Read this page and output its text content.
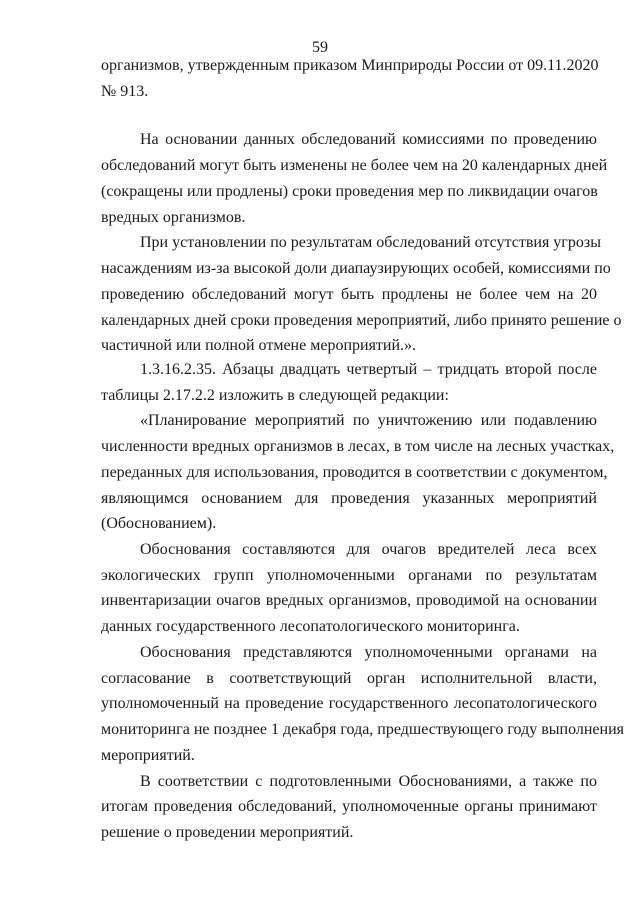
59
организмов, утвержденным приказом Минприроды России от 09.11.2020
№ 913.
На основании данных обследований комиссиями по проведению
обследований могут быть изменены не более чем на 20 календарных дней
(сокращены или продлены) сроки проведения мер по ликвидации очагов
вредных организмов.
При установлении по результатам обследований отсутствия угрозы
насаждениям из-за высокой доли диапаузирующих особей, комиссиями по
проведению обследований могут быть продлены не более чем на 20
календарных дней сроки проведения мероприятий, либо принято решение о
частичной или полной отмене мероприятий.».
1.3.16.2.35. Абзацы двадцать четвертый – тридцать второй после
таблицы 2.17.2.2 изложить в следующей редакции:
«Планирование мероприятий по уничтожению или подавлению
численности вредных организмов в лесах, в том числе на лесных участках,
переданных для использования, проводится в соответствии с документом,
являющимся основанием для проведения указанных мероприятий
(Обоснованием).
Обоснования составляются для очагов вредителей леса всех
экологических групп уполномоченными органами по результатам
инвентаризации очагов вредных организмов, проводимой на основании
данных государственного лесопатологического мониторинга.
Обоснования представляются уполномоченными органами на
согласование в соответствующий орган исполнительной власти,
уполномоченный на проведение государственного лесопатологического
мониторинга не позднее 1 декабря года, предшествующего году выполнения
мероприятий.
В соответствии с подготовленными Обоснованиями, а также по
итогам проведения обследований, уполномоченные органы принимают
решение о проведении мероприятий.
